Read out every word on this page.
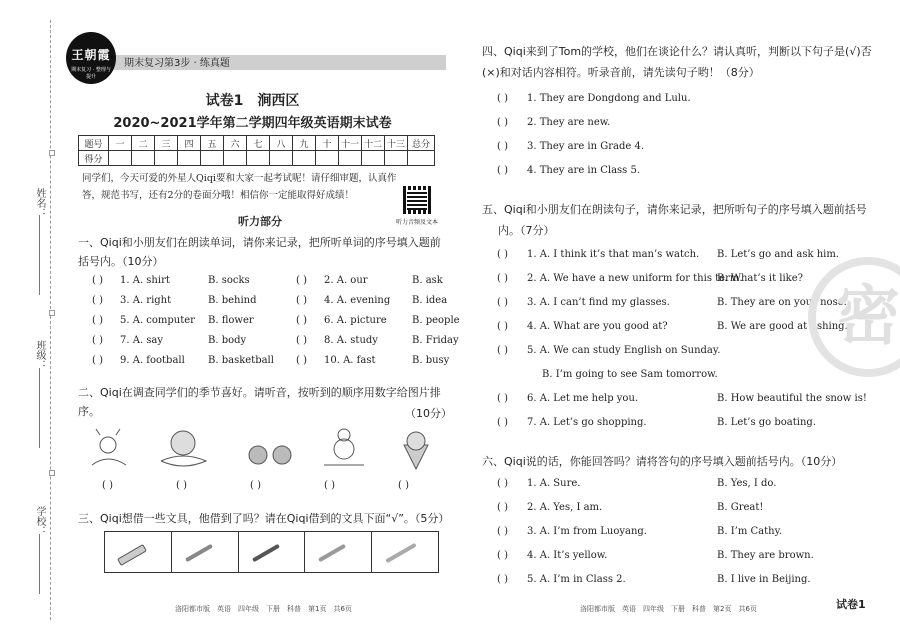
姓名：
班级：
学校：
王朝霞
期末复习 · 整理与提升
期末复习第3步 · 练真题
试卷1　 涧西区
2020~2021学年第二学期四年级英语期末试卷
题号	一	二	三	四	五	六	七	八	九	十	十一	十二	十三	总分
得分														
同学们，今天可爱的外星人Qiqi要和大家一起考试呢！请仔细审题，认真作答，规范书写，还有2分的卷面分哦！相信你一定能取得好成绩！
听力音频及文本
听力部分
一、Qiqi和小朋友们在朗读单词，请你来记录，把所听单词的序号填入题前括号内。（10分）
( ) 1. A. shirt	B. socks	( ) 2. A. our	B. ask
( ) 3. A. right	B. behind	( ) 4. A. evening B. idea
( ) 5. A. computer B. flower	( ) 6. A. picture	B. people
( ) 7. A. say	B. body	( ) 8. A. study	B. Friday
( ) 9. A. football B. basketball ( ) 10. A. fast	B. busy
二、Qiqi在调查同学们的季节喜好。请听音，按听到的顺序用数字给图片排序。	（10分）
( )	( )	( )	( )	( )
三、Qiqi想借一些文具，他借到了吗？请在Qiqi借到的文具下面“√”。（5分）
洛阳都市版　英语　四年级　下册　科普　第1页　共6页
四、Qiqi来到了Tom的学校，他们在谈论什么？请认真听，判断以下句子是(√)否
(×)和对话内容相符。听录音前，请先读句子哟！（8分）
( ) 1. They are Dongdong and Lulu.
( ) 2. They are new.
( ) 3. They are in Grade 4.
( ) 4. They are in Class 5.
五、Qiqi和小朋友们在朗读句子，请你来记录，把所听句子的序号填入题前括号
内。（7分）
( ) 1. A. I think it’s that man’s watch. B. Let’s go and ask him.
( ) 2. A. We have a new uniform for this term.
B. What’s it like?
( ) 3. A. I can’t find my glasses.	B. They are on your nose.
( ) 4. A. What are you good at?	B. We are good at fishing.
( ) 5. A. We can study English on Sunday.
B. I’m going to see Sam tomorrow.
( ) 6. A. Let me help you.	B. How beautiful the snow is!
( ) 7. A. Let’s go shopping.	B. Let’s go boating.
六、Qiqi说的话，你能回答吗？请将答句的序号填入题前括号内。（10分）
( ) 1. A. Sure.	B. Yes, I do.
( ) 2. A. Yes, I am.	B. Great!
( ) 3. A. I’m from Luoyang.	B. I’m Cathy.
( ) 4. A. It’s yellow.	B. They are brown.
( ) 5. A. I’m in Class 2.	B. I live in Beijing.
密
洛阳都市版　英语　四年级　下册　科普　第2页　共6页	试卷1
